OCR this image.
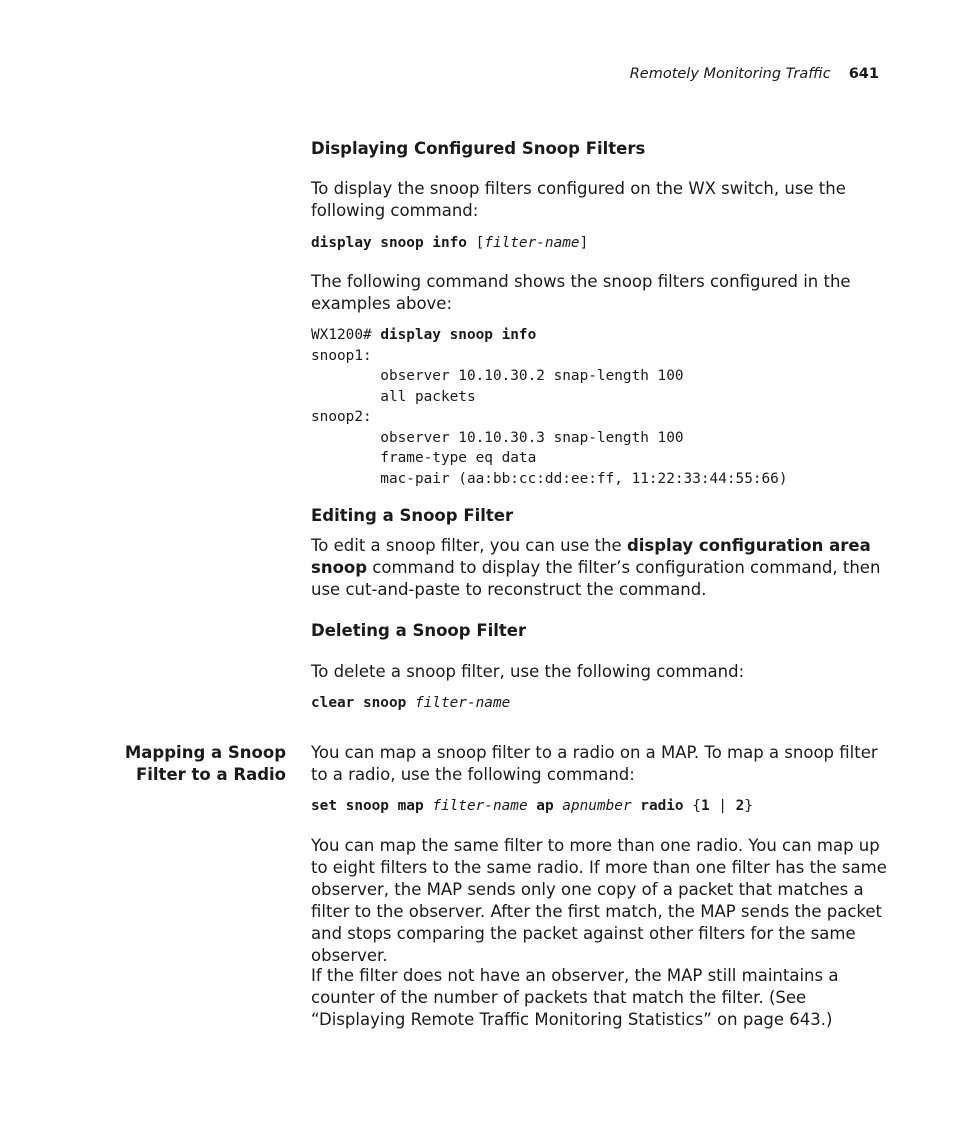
Remotely Monitoring Traffic 641
Displaying Configured Snoop Filters
To display the snoop filters configured on the WX switch, use the following command:
display snoop info [filter-name]
The following command shows the snoop filters configured in the examples above:
WX1200# display snoop info
snoop1:
observer 10.10.30.2 snap-length 100
all packets
snoop2:
observer 10.10.30.3 snap-length 100
frame-type eq data
mac-pair (aa:bb:cc:dd:ee:ff, 11:22:33:44:55:66)
Editing a Snoop Filter
To edit a snoop filter, you can use the display configuration area snoop command to display the filter’s configuration command, then use cut-and-paste to reconstruct the command.
Deleting a Snoop Filter
To delete a snoop filter, use the following command:
clear snoop filter-name
Mapping a Snoop
Filter to a Radio
You can map a snoop filter to a radio on a MAP. To map a snoop filter to a radio, use the following command:
set snoop map filter-name ap apnumber radio {1 | 2}
You can map the same filter to more than one radio. You can map up to eight filters to the same radio. If more than one filter has the same observer, the MAP sends only one copy of a packet that matches a filter to the observer. After the first match, the MAP sends the packet and stops comparing the packet against other filters for the same observer.
If the filter does not have an observer, the MAP still maintains a counter of the number of packets that match the filter. (See “Displaying Remote Traffic Monitoring Statistics” on page 643.)
